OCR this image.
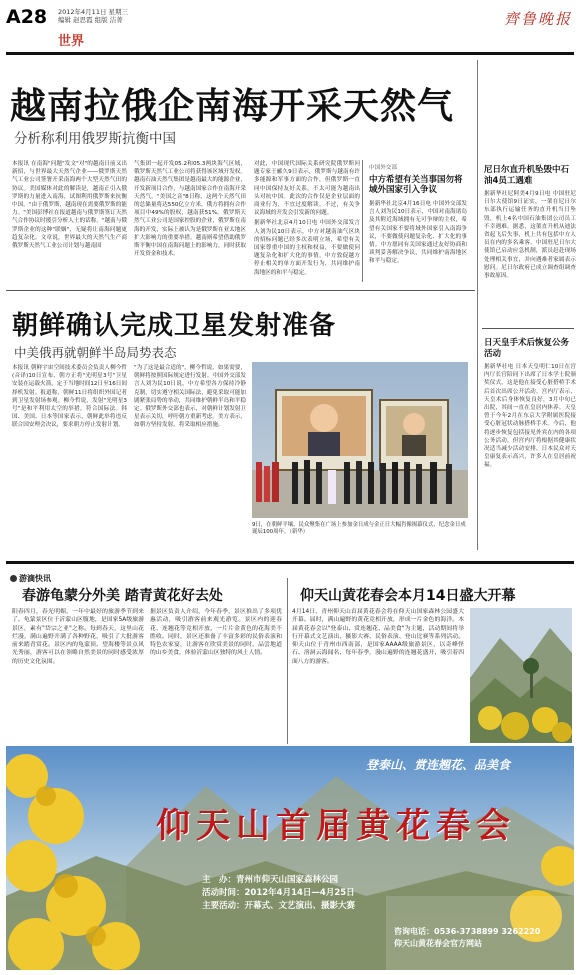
A28 2012年4月11日 星期三
编辑 赵思霞 组版 洁菁
世界
齊鲁晚报
越南拉俄企南海开采天然气
分析称利用俄罗斯抗衡中国
本报讯 在南海"问题"发文"对"的越南日前又出新招，与世界最大天然气企业——俄罗斯天然气工业公司签署开采南海两个大型天然气田的协议。美国媒体对此的解读是，越南正引入俄罗斯的力量进入南海，试图利用俄罗斯来抗衡中国。"由于俄罗斯，越南现在需要俄罗斯的能力。"美国彭博社在报道越南与俄罗斯签订天然气合作协议时援引分析人士的话称。"越南与俄罗斯企业的这种"联姻"，无疑将让南海问题更趋复杂化。文章说，世界最大的天然气生产商俄罗斯天然气工业公司计划与越南国
气集团一起开发05.2和05.3两块海气区域，俄罗斯天然气工业公司将获得该区域开发权。越南石油天然气集团是越南最大的能源企业，开发新项目合作，与越南国家合作在南海开采天然气。"美国之音"8日称，这两个天然气田的总储量将达550亿立方米，俄方将拥有合作项目中49%的股权，越南获51%。俄罗斯天然气工业公司是国家控股的企业，俄罗斯在南海的开发，实际上被认为是俄罗斯在亚太地区扩大影响力的重要举措。越南则希望借助俄罗斯平衡中国在南海问题上的影响力，同时获取开发资金和技术。
对此，中国现代国际关系研究院俄罗斯问题专家王郦久9日表示，俄罗斯与越南有许多能源和军事方面的合作，但俄罗斯一直同中国保持友好关系，不太可能为越南出头对抗中国。此次的合作仅是企业层面的商业行为，不宜过度解读。不过，有关争议海域的开发会引发新的问题。
据新华社北京4月10日电 中国外交部发言人刘为民10日表示，中方对越南油气区块的招标问题已经多次表明立场，希望有关国家尊重中国的主权和权益，不要做使问题复杂化和扩大化的事情。中方敦促越方停止相关的单方面开发行为，共同维护南海地区的和平与稳定。
中国外交部
中方希望有关当事国勿将域外国家引入争议
据新华社北京4月16日电 中国外交部发言人刘为民10日表示，中国对南海诸岛及其附近海域拥有无可争辩的主权，希望有关国家不要将域外国家引入南海争议，不要做使问题复杂化、扩大化的事情。中方愿同有关国家通过友好协商和谈判妥善解决争议，共同维护南海地区和平与稳定。
尼日尔直升机坠毁中石油4员工遇难
据新华社尼阿美4月9日电 中国驻尼日尔大使馆9日证实，一架在尼日尔东部执行运输任务的直升机当日坠毁，机上4名中国石油集团公司员工不幸遇难。据悉，这架直升机从迪法省起飞后失事，机上共有包括中方人员在内的多名乘客。中国驻尼日尔大使馆已启动应急机制，派员赶赴现场处理相关事宜，并向遇难者家属表示慰问。尼日尔政府已成立调查组调查事故原因。
日天皇手术后恢复公务活动
据新华社电 日本天皇明仁10日在宫内厅长官陪同下出席了日本学士院颁奖仪式，这是他在接受心脏搭桥手术后首次出席公开活动。宫内厅表示，天皇术后身体恢复良好，3月中旬已出院，其间一直在皇居内休养。天皇曾于今年2月在东京大学附属医院接受心脏冠状动脉搭桥手术。今后，他将逐步恢复包括接见外宾在内的各项公务活动，但宫内厅将根据其健康状况适当减少活动安排。日本民众对天皇康复表示高兴，许多人在皇居前祝福。
朝鲜确认完成卫星发射准备
中美俄再就朝鲜半岛局势表态
本报讯 朝鲜宇宙空间技术委员会负责人柳今哲(音译)10日宣布，朝方正将"光明星3号"卫星安装在运载火箭，定于当地时间12日至16日间择机发射。报道称，朝鲜11日将组织外国记者到卫星发射场参观。柳今哲说，发射"光明星3号"是和平利用太空的举措，符合国际法。韩国、美国、日本等国家表示，朝鲜此举将违反联合国安理会决议，要求朝方停止发射计划。
"为了这是最合适的"，柳今哲说，如果需要，朝鲜将按照国际规定进行发射。中国外交部发言人刘为民10日说，中方希望各方保持冷静克制，切实遵守相关国际法，避免采取可能加剧紧张局势的举动，共同维护朝鲜半岛和平稳定。俄罗斯外交部也表示，对朝鲜计划发射卫星表示关切，呼吁朝方重新考虑。美方表示，如朝方坚持发射，将采取相应措施。
9日，在朝鲜平壤，民众聚集在广场上参加金日成与金正日大幅肖像揭幕仪式，纪念金日成诞辰100周年。（新华）
游滴快讯
春游龟蒙分外美 踏青黄花好去处	仰天山黄花春会本月14日盛大开幕
阳春四月，春光明媚，一年中最好的旅游季节到来了。龟蒙景区位于沂蒙山区腹地，是国家5A级旅游景区，素有"岱宗之亚"之称。每到春天，这里山花烂漫，满山遍野开满了各种野花，吸引了大批游客前来踏青赏花。景区内的龟蒙顶、望海楼等景点风光秀丽，游客可以在领略自然美景的同时感受浓厚的历史文化氛围。
据景区负责人介绍，今年春季，景区推出了多项优惠活动，吸引游客前来观光游览。景区内的迎春花、连翘花等竞相开放，一片片金黄色的花海美不胜收。同时，景区还准备了丰富多彩的民俗表演和特色农家宴，让游客在欣赏美景的同时，品尝地道的山乡美食，体验沂蒙山区独特的风土人情。
4月14日，青州仰天山首届黄花春会将在仰天山国家森林公园盛大开幕。届时，满山遍野的黄花竞相开放，形成一片金色的海洋。本届黄花春会以"登泰山、赏连翘花、品美食"为主题，活动期间将举行开幕式文艺演出、摄影大赛、民俗表演、登山比赛等系列活动。仰天山位于青州市西南部，是国家AAAA级旅游景区，以奇峰怪石、溶洞云海闻名，每年春季，漫山遍野的连翘花盛开，吸引着四面八方的游客。
登泰山、赏连翘花、品美食
仰天山首届黄花春会
主　办：青州市仰天山国家森林公园
活动时间：2012年4月14日—4月25日
主要活动：开幕式、文艺演出、摄影大赛
咨询电话：0536-3738899 3262220
仰天山黄花春会官方网站
